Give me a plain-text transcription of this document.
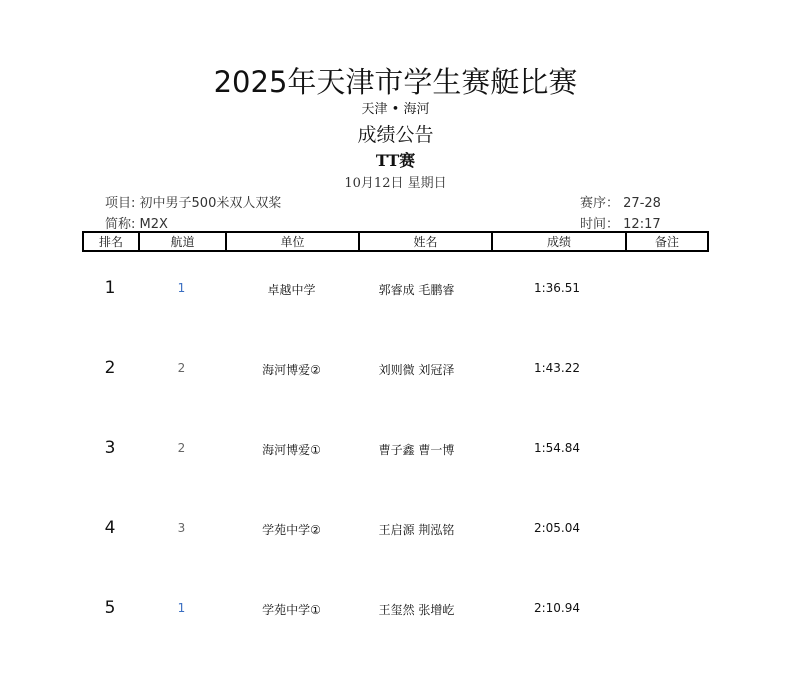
2025年天津市学生赛艇比赛
天津 • 海河
成绩公告
TT赛
10月12日 星期日
项目: 初中男子500米双人双桨
简称: M2X
赛序： 27-28
时间： 12:17
排名	航道	单位	姓名	成绩	备注
1	1	卓越中学	郭睿成 毛鹏睿	1:36.51
2	2	海河博爱②	刘则微 刘冠泽	1:43.22
3	2	海河博爱①	曹子鑫 曹一博	1:54.84
4	3	学苑中学②	王启源 荆泓铭	2:05.04
5	1	学苑中学①	王玺然 张增屹	2:10.94
